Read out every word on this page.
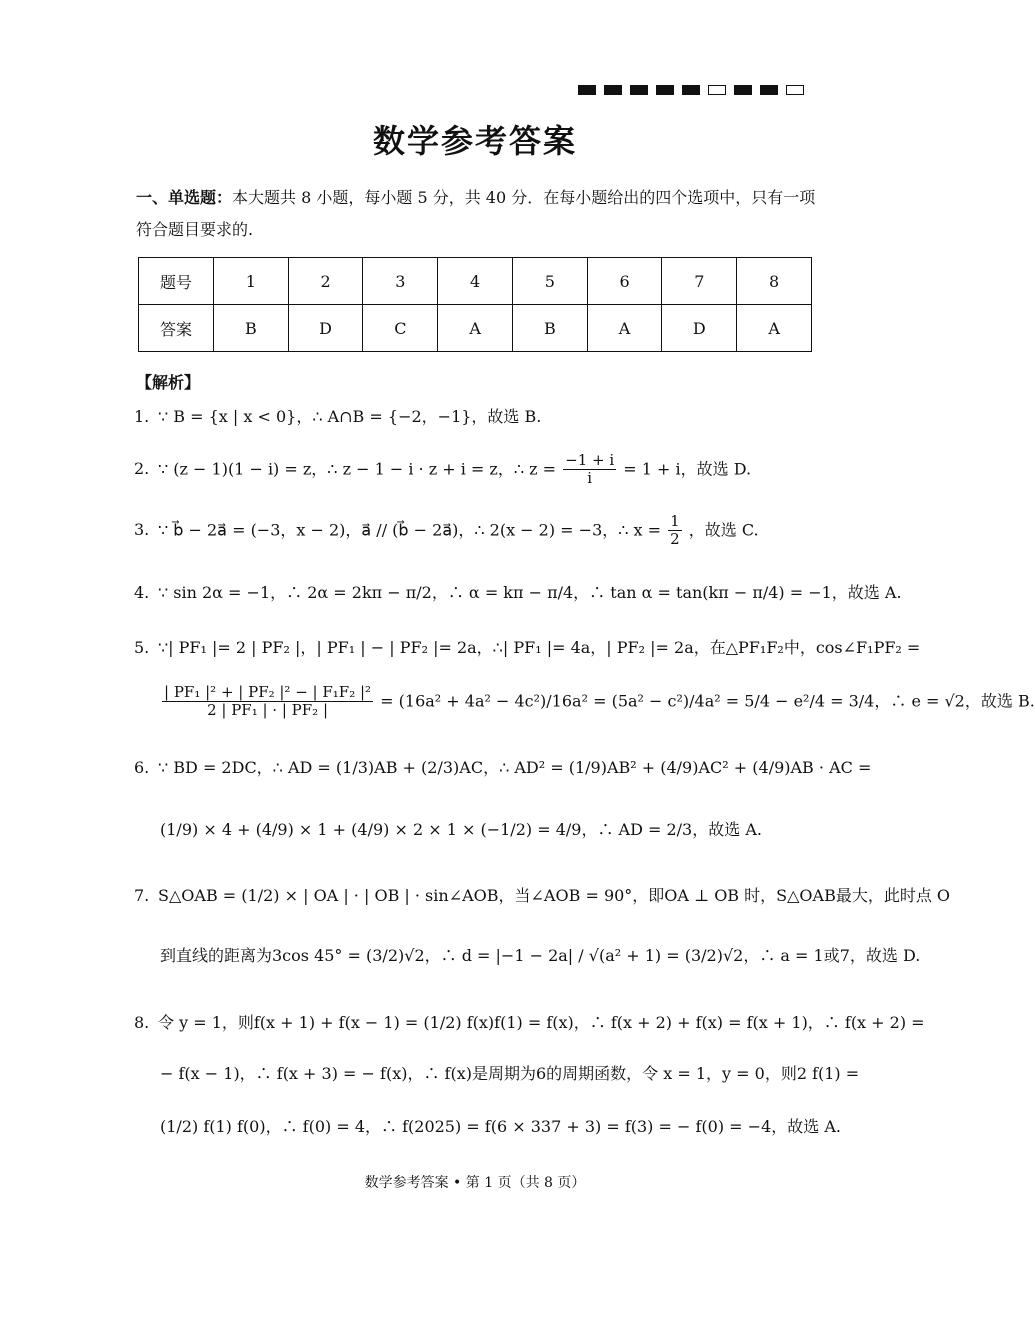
数学参考答案
一、单选题：本大题共 8 小题，每小题 5 分，共 40 分．在每小题给出的四个选项中，只有一项符合题目要求的.
题号	1	2	3	4	5	6	7	8
答案	B	D	C	A	B	A	D	A
【解析】
1. ∵ B = {x | x < 0}，∴ A∩B = {−2，−1}，故选 B.
2. ∵ (z − 1)(1 − i) = z，∴ z − 1 − i · z + i = z，∴ $z = \frac{-1 + i}{i} = 1 + i$，故选 D.
3. ∵ b⃗ − 2a⃗ = (−3，x − 2)，a⃗ // (b⃗ − 2a⃗)，∴ 2(x − 2) = −3，∴ $x = \frac{1}{2}$ ，故选 C.
4. ∵ sin 2α = −1，∴ 2α = 2kπ − π/2，∴ α = kπ − π/4，∴ tan α = tan(kπ − π/4) = −1，故选 A.
5. ∵| PF₁ |= 2 | PF₂ |，| PF₁ | − | PF₂ |= 2a，∴| PF₁ |= 4a，| PF₂ |= 2a，在△PF₁F₂中，cos∠F₁PF₂ =
$\frac{\text{| PF₁ |² + | PF₂ |² − | F₁F₂ |²}}{\text{2 | PF₁ | · | PF₂ |}} = (16a^2 + 4a^2 - 4c^2)/16a^2 = (5a^2 - c^2)/4a^2 = 5/4 - e^2/4 = 3/4$，∴ e = √2，故选 B.
6. ∵ BD = 2DC，∴ AD = (1/3)AB + (2/3)AC，∴ AD² = (1/9)AB² + (4/9)AC² + (4/9)AB · AC =
(1/9) × 4 + (4/9) × 1 + (4/9) × 2 × 1 × (−1/2) = 4/9，∴ AD = 2/3，故选 A.
7. S△OAB = (1/2) × | OA | · | OB | · sin∠AOB，当∠AOB = 90°，即OA ⊥ OB 时，S△OAB最大，此时点 O
到直线的距离为3cos 45° = (3/2)√2，∴ d = |−1 − 2a| / √(a² + 1) = (3/2)√2，∴ a = 1或7，故选 D.
8. 令 y = 1，则f(x + 1) + f(x − 1) = (1/2) f(x)f(1) = f(x)，∴ f(x + 2) + f(x) = f(x + 1)，∴ f(x + 2) =
− f(x − 1)，∴ f(x + 3) = − f(x)，∴ f(x)是周期为6的周期函数，令 x = 1，y = 0，则2 f(1) =
(1/2) f(1) f(0)，∴ f(0) = 4，∴ f(2025) = f(6 × 337 + 3) = f(3) = − f(0) = −4，故选 A.
数学参考答案 • 第 1 页（共 8 页）
